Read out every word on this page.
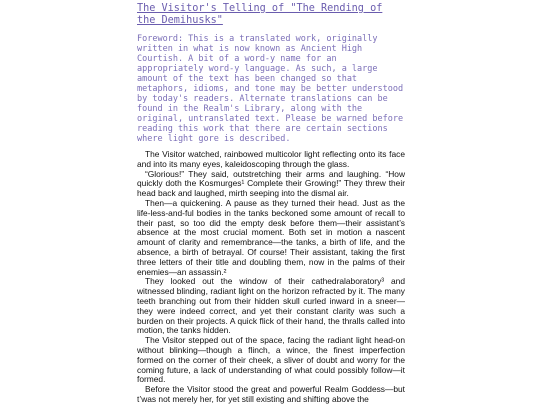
The Visitor's Telling of "The Rending of
the Demihusks"
Foreword: This is a translated work, originally
written in what is now known as Ancient High
Courtish. A bit of a word-y name for an
appropriately word-y language. As such, a large
amount of the text has been changed so that
metaphors, idioms, and tone may be better understood
by today's readers. Alternate translations can be
found in the Realm's Library, along with the
original, untranslated text. Please be warned before
reading this work that there are certain sections
where light gore is described.

The Visitor watched, rainbowed multicolor light reflecting onto its face and into its many eyes, kaleidoscoping through the glass.

“Glorious!” They said, outstretching their arms and laughing. “How quickly doth the Kosmurges¹ Complete their Growing!” They threw their head back and laughed, mirth seeping into the dismal air.

Then—a quickening. A pause as they turned their head. Just as the life-less-and-ful bodies in the tanks beckoned some amount of recall to their past, so too did the empty desk before them—their assistant’s absence at the most crucial moment. Both set in motion a nascent amount of clarity and remembrance—the tanks, a birth of life, and the absence, a birth of betrayal. Of course! Their assistant, taking the first three letters of their title and doubling them, now in the palms of their enemies—an assassin.²

They looked out the window of their cathedralaboratory³ and witnessed blinding, radiant light on the horizon refracted by it. The many teeth branching out from their hidden skull curled inward in a sneer—they were indeed correct, and yet their constant clarity was such a burden on their projects. A quick flick of their hand, the thralls called into motion, the tanks hidden.

The Visitor stepped out of the space, facing the radiant light head-on without blinking—though a flinch, a wince, the finest imperfection formed on the corner of their cheek, a sliver of doubt and worry for the coming future, a lack of understanding of what could possibly follow—it formed.

Before the Visitor stood the great and powerful Realm Goddess—but t’was not merely her, for yet still existing and shifting above the
